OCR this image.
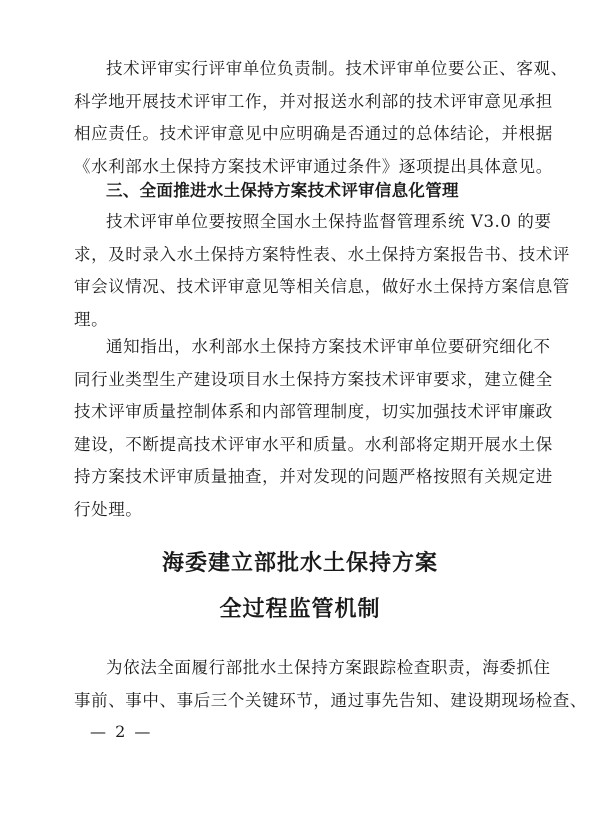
技术评审实行评审单位负责制。技术评审单位要公正、客观、
科学地开展技术评审工作，并对报送水利部的技术评审意见承担
相应责任。技术评审意见中应明确是否通过的总体结论，并根据
《水利部水土保持方案技术评审通过条件》逐项提出具体意见。

三、全面推进水土保持方案技术评审信息化管理

技术评审单位要按照全国水土保持监督管理系统 V3.0 的要
求，及时录入水土保持方案特性表、水土保持方案报告书、技术评
审会议情况、技术评审意见等相关信息，做好水土保持方案信息管
理。

通知指出，水利部水土保持方案技术评审单位要研究细化不
同行业类型生产建设项目水土保持方案技术评审要求，建立健全
技术评审质量控制体系和内部管理制度，切实加强技术评审廉政
建设，不断提高技术评审水平和质量。水利部将定期开展水土保
持方案技术评审质量抽查，并对发现的问题严格按照有关规定进
行处理。

海委建立部批水土保持方案
全过程监管机制

为依法全面履行部批水土保持方案跟踪检查职责，海委抓住
事前、事中、事后三个关键环节，通过事先告知、建设期现场检查、

— 2 —
